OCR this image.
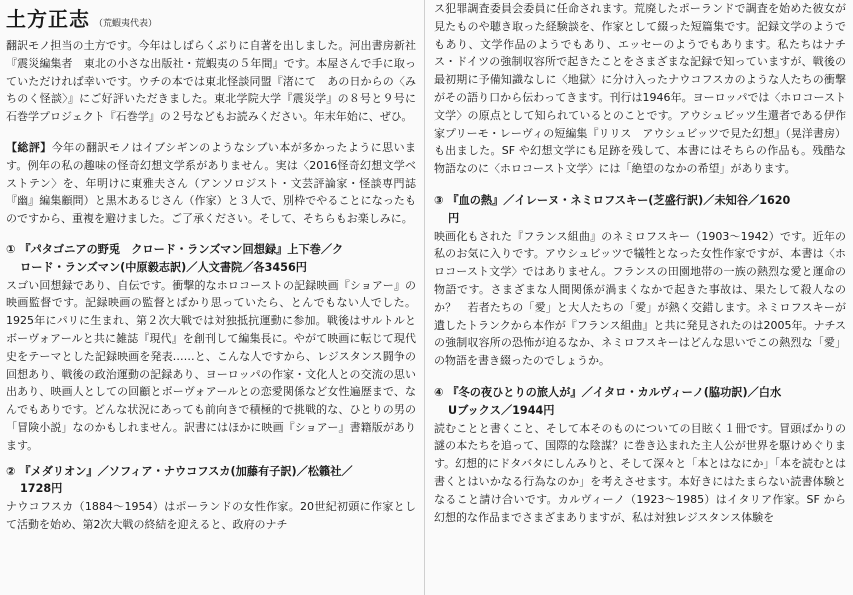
土方正志 （荒蝦夷代表）

翻訳モノ担当の土方です。今年はしばらくぶりに自著を出しました。河出書房新社『震災編集者　東北の小さな出版社・荒蝦夷の５年間』です。本屋さんで手に取っていただければ幸いです。ウチの本では東北怪談同盟『渚にて　あの日からの〈みちのく怪談〉』にご好評いただきました。東北学院大学『震災学』の８号と９号に石巻学プロジェクト『石巻学』の２号などもお読みください。年末年始に、ぜひ。

【総評】今年の翻訳モノはイブシギンのようなシブい本が多かったように思います。例年の私の趣味の怪奇幻想文学系がありません。実は〈2016怪奇幻想文学ベストテン〉を、年明けに東雅夫さん（アンソロジスト・文芸評論家・怪談専門誌『幽』編集顧問）と黒木あるじさん（作家）と３人で、別枠でやることになったものですから、重複を避けました。ご了承ください。そして、そちらもお楽しみに。

① 『パタゴニアの野兎　クロード・ランズマン回想録』上下巻／ク
ロード・ランズマン(中原毅志訳)／人文書院／各3456円

スゴい回想録であり、自伝です。衝撃的なホロコーストの記録映画『ショアー』の映画監督です。記録映画の監督とばかり思っていたら、とんでもない人でした。1925年にパリに生まれ、第２次大戦では対独抵抗運動に参加。戦後はサルトルとボーヴォアールと共に雑誌『現代』を創刊して編集長に。やがて映画に転じて現代史をテーマとした記録映画を発表……と、こんな人ですから、レジスタンス闘争の回想あり、戦後の政治運動の記録あり、ヨーロッパの作家・文化人との交流の思い出あり、映画人としての回顧とボーヴォアールとの恋愛関係など女性遍歴まで、なんでもありです。どんな状況にあっても前向きで積極的で挑戦的な、ひとりの男の「冒険小説」なのかもしれません。訳書にはほかに映画『ショアー』書籍版があります。

② 『メダリオン』／ソフィア・ナウコフスカ(加藤有子訳)／松籟社／
1728円

ナウコフスカ（1884～1954）はポーランドの女性作家。20世紀初頭に作家として活動を始め、第2次大戦の終結を迎えると、政府のナチ

ス犯罪調査委員会委員に任命されます。荒廃したポーランドで調査を始めた彼女が見たものや聴き取った経験談を、作家として綴った短篇集です。記録文学のようでもあり、文学作品のようでもあり、エッセーのようでもあります。私たちはナチス・ドイツの強制収容所で起きたことをさまざまな記録で知っていますが、戦後の最初期に予備知識なしに〈地獄〉に分け入ったナウコフスカのような人たちの衝撃がその語り口から伝わってきます。刊行は1946年。ヨーロッパでは〈ホロコースト文学〉の原点として知られているとのことです。アウシュビッツ生還者である伊作家プリーモ・レーヴィの短編集『リリス　アウシュビッツで見た幻想』（晃洋書房）も出ました。SF や幻想文学にも足跡を残して、本書にはそちらの作品も。残酷な物語なのに〈ホロコースト文学〉には「絶望のなかの希望」があります。

③ 『血の熱』／イレーヌ・ネミロフスキー(芝盛行訳)／未知谷／1620
円

映画化もされた『フランス組曲』のネミロフスキー（1903～1942）です。近年の私のお気に入りです。アウシュビッツで犠牲となった女性作家ですが、本書は〈ホロコースト文学〉ではありません。フランスの田園地帯の一族の熱烈な愛と運命の物語です。さまざまな人間関係が渦まくなかで起きた事故は、果たして殺人なのか？　若者たちの「愛」と大人たちの「愛」が熱く交錯します。ネミロフスキーが遺したトランクから本作が『フランス組曲』と共に発見されたのは2005年。ナチスの強制収容所の恐怖が迫るなか、ネミロフスキーはどんな思いでこの熱烈な「愛」の物語を書き綴ったのでしょうか。

④ 『冬の夜ひとりの旅人が』／イタロ・カルヴィーノ(脇功訳)／白水
Uブックス／1944円

読むことと書くこと、そして本そのものについての目眩く１冊です。冒頭ばかりの謎の本たちを追って、国際的な陰謀？に巻き込まれた主人公が世界を駆けめぐります。幻想的にドタバタにしんみりと、そして深々と「本とはなにか」「本を読むとは書くとはいかなる行為なのか」を考えさせます。本好きにはたまらない読書体験となること請け合いです。カルヴィーノ（1923～1985）はイタリア作家。SF から幻想的な作品までさまざまありますが、私は対独レジスタンス体験を
